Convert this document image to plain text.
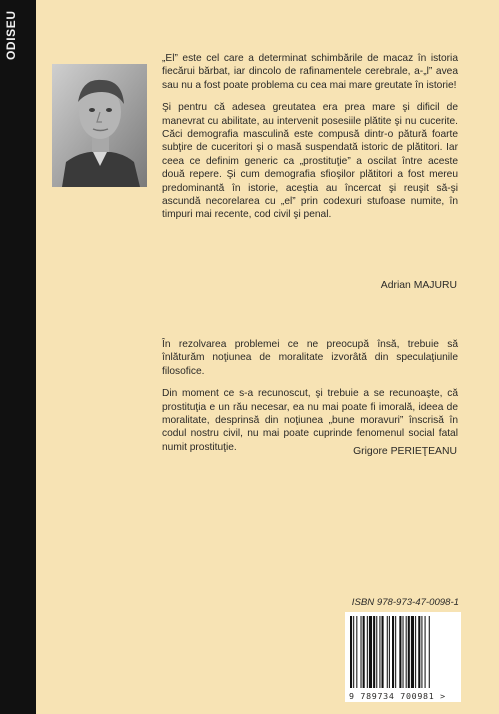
ODISEU	„El” este cel care a determinat schimbările de macaz în istoria fiecărui bărbat, iar dincolo de rafinamentele cerebrale, a-„l” avea sau nu a fost poate problema cu cea mai mare greutate în istorie!

Şi pentru că adesea greutatea era prea mare şi dificil de manevrat cu abilitate, au intervenit posesiile plătite şi nu cucerite. Căci demografia masculină este compusă dintr-o pătură foarte subţire de cuceritori şi o masă suspendată istoric de plătitori. Iar ceea ce definim generic ca „prostituţie” a oscilat între aceste două repere. Şi cum demografia sfioşilor plătitori a fost mereu predominantă în istorie, aceştia au încercat şi reuşit să-şi ascundă necorelarea cu „el” prin codexuri stufoase numite, în timpuri mai recente, cod civil şi penal.

Adrian MAJURU

În rezolvarea problemei ce ne preocupă însă, trebuie să înlăturăm noţiunea de moralitate izvorâtă din speculaţiunile filosofice.

Din moment ce s-a recunoscut, şi trebuie a se recunoaşte, că prostituţia e un rău necesar, ea nu mai poate fi imorală, ideea de moralitate, desprinsă din noţiunea „bune moravuri” înscrisă în codul nostru civil, nu mai poate cuprinde fenomenul social fatal numit prostituţie.	Grigore PERIEŢEANU
ISBN 978-973-47-0098-1
9 789734 700981 >
